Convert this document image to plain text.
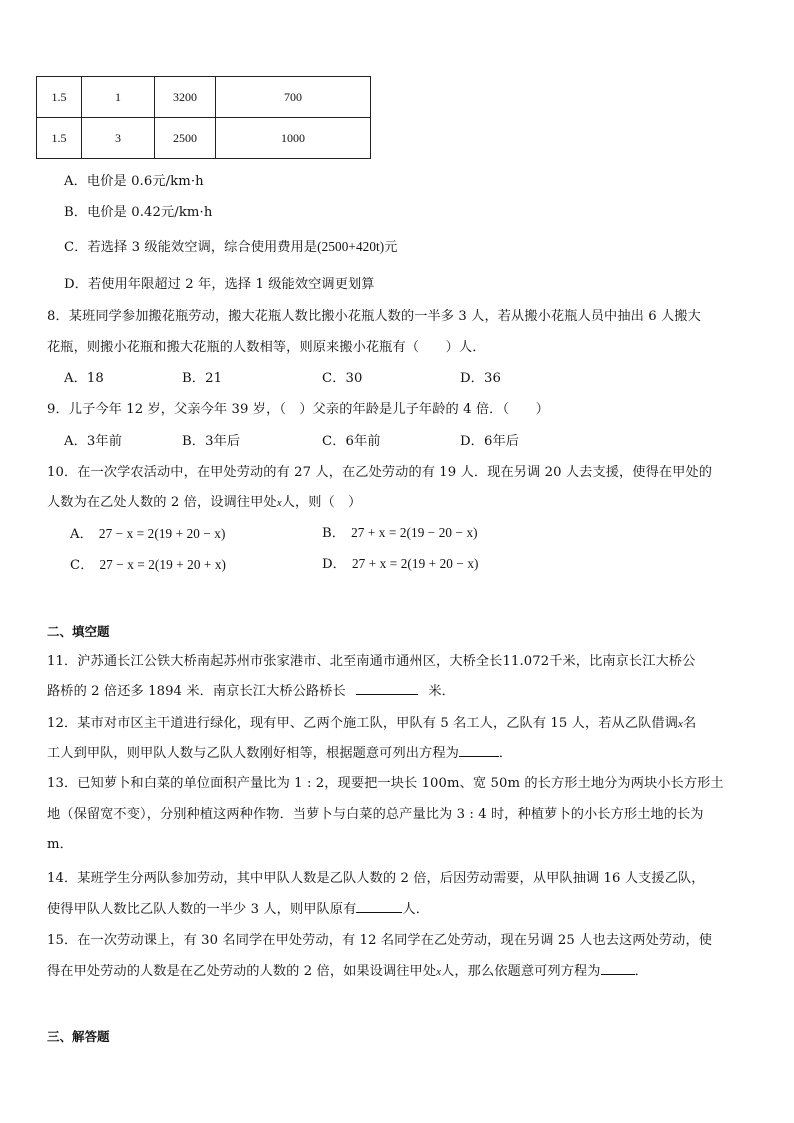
1.5	1	3200	700
1.5	3	2500	1000
A．电价是 0.6元/km·h
B．电价是 0.42元/km·h
C．若选择 3 级能效空调，综合使用费用是(2500+420t)元
D．若使用年限超过 2 年，选择 1 级能效空调更划算
8．某班同学参加搬花瓶劳动，搬大花瓶人数比搬小花瓶人数的一半多 3 人，若从搬小花瓶人员中抽出 6 人搬大
花瓶，则搬小花瓶和搬大花瓶的人数相等，则原来搬小花瓶有（　　）人．
A．18	B．21	C．30	D．36
9．儿子今年 12 岁，父亲今年 39 岁，（　）父亲的年龄是儿子年龄的 4 倍．（　　）
A．3年前	B．3年后	C．6年前	D．6年后
10．在一次学农活动中，在甲处劳动的有 27 人，在乙处劳动的有 19 人．现在另调 20 人去支援，使得在甲处的
人数为在乙处人数的 2 倍，设调往甲处x人，则（　）
A． 27 − x = 2(19 + 20 − x)	B． 27 + x = 2(19 − 20 − x)
C． 27 − x = 2(19 + 20 + x)	D． 27 + x = 2(19 + 20 − x)
二、填空题
11．沪苏通长江公铁大桥南起苏州市张家港市、北至南通市通州区，大桥全长11.072千米，比南京长江大桥公
路桥的 2 倍还多 1894 米．南京长江大桥公路桥长	米．
12．某市对市区主干道进行绿化，现有甲、乙两个施工队，甲队有 5 名工人，乙队有 15 人，若从乙队借调x名
工人到甲队，则甲队人数与乙队人数刚好相等，根据题意可列出方程为	．
13．已知萝卜和白菜的单位面积产量比为 1 : 2，现要把一块长 100m、宽 50m 的长方形土地分为两块小长方形土
地（保留宽不变），分别种植这两种作物．当萝卜与白菜的总产量比为 3 : 4 时，种植萝卜的小长方形土地的长为
m．
14．某班学生分两队参加劳动，其中甲队人数是乙队人数的 2 倍，后因劳动需要，从甲队抽调 16 人支援乙队，
使得甲队人数比乙队人数的一半少 3 人，则甲队原有	人．
15．在一次劳动课上，有 30 名同学在甲处劳动，有 12 名同学在乙处劳动，现在另调 25 人也去这两处劳动，使
得在甲处劳动的人数是在乙处劳动的人数的 2 倍，如果设调往甲处x人，那么依题意可列方程为	．
三、解答题
